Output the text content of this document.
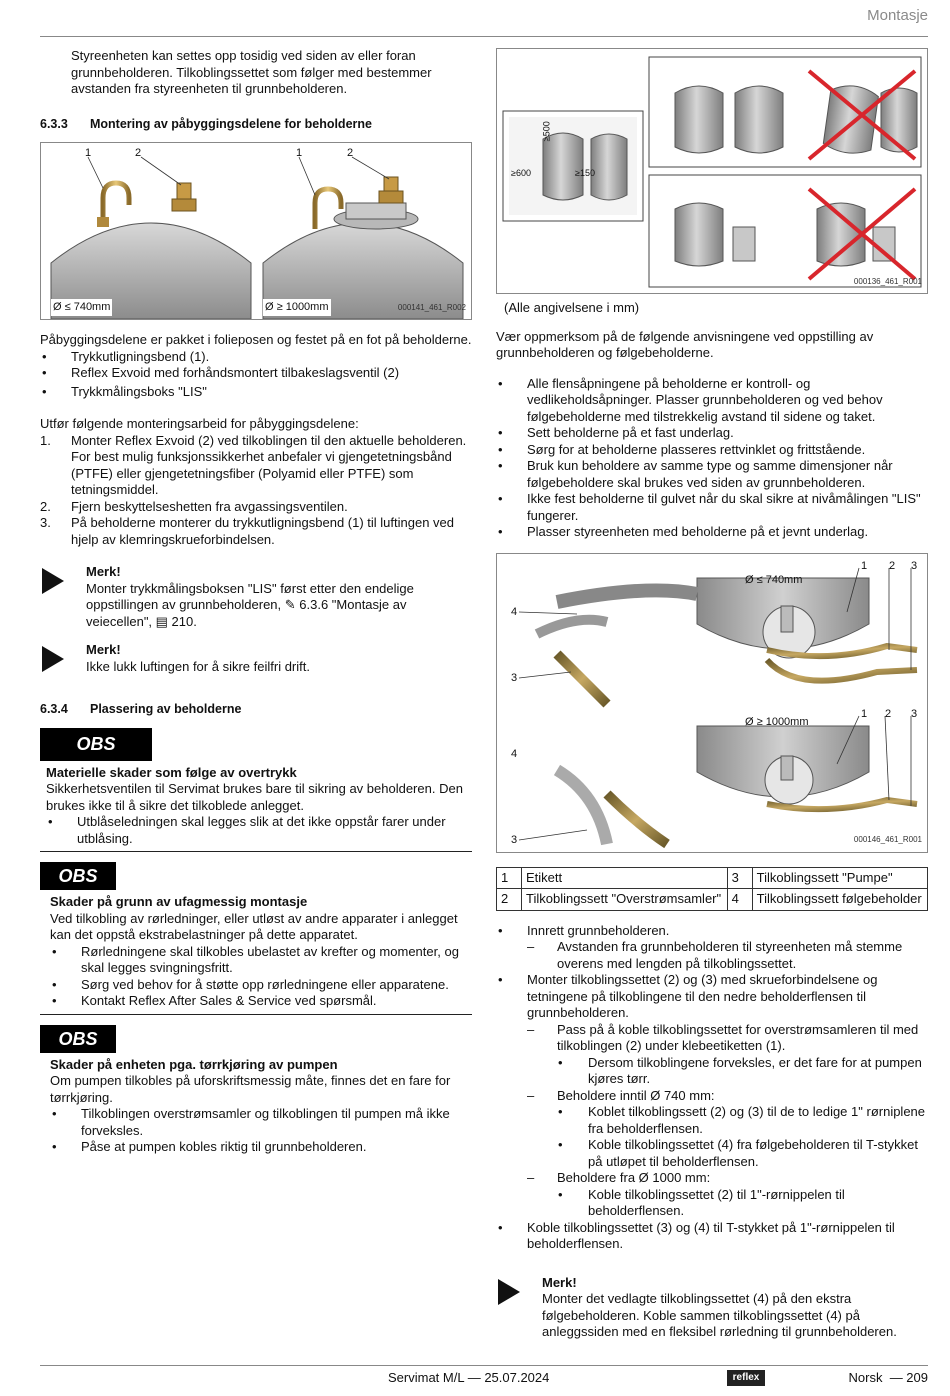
Montasje

Styreenheten kan settes opp tosidig ved siden av eller foran grunnbeholderen. Tilkoblingssettet som følger med bestemmer avstanden fra styreenheten til grunnbeholderen.

6.3.3 Montering av påbyggingsdelene for beholderne

1	2	1	2
Ø ≤ 740mm	Ø ≥ 1000mm	000141_461_R002

Påbyggingsdelene er pakket i folieposen og festet på en fot på beholderne.

• Trykkutligningsbend (1).
• Reflex Exvoid med forhåndsmontert tilbakeslagsventil (2)
• Trykkmålingsboks "LIS"

Utfør følgende monteringsarbeid for påbyggingsdelene:

1. Monter Reflex Exvoid (2) ved tilkoblingen til den aktuelle beholderen.
For best mulig funksjonssikkerhet anbefaler vi gjengetetningsbånd (PTFE) eller gjengetetningsfiber (Polyamid eller PTFE) som tetningsmiddel.
2. Fjern beskyttelseshetten fra avgassingsventilen.
3. På beholderne monterer du trykkutligningsbend (1) til luftingen ved hjelp av klemringskrueforbindelsen.

Merk!

Monter trykkmålingsboksen "LIS" først etter den endelige oppstillingen av grunnbeholderen, ✎ 6.3.6 "Montasje av veiecellen", ▤ 210.

Merk!

Ikke lukk luftingen for å sikre feilfri drift.

6.3.4 Plassering av beholderne

OBS

Materielle skader som følge av overtrykk

Sikkerhetsventilen til Servimat brukes bare til sikring av beholderen. Den brukes ikke til å sikre det tilkoblede anlegget.

• Utblåseledningen skal legges slik at det ikke oppstår farer under utblåsing.
OBS

Skader på grunn av ufagmessig montasje

Ved tilkobling av rørledninger, eller utløst av andre apparater i anlegget kan det oppstå ekstrabelastninger på dette apparatet.

• Rørledningene skal tilkobles ubelastet av krefter og momenter, og skal legges svingningsfritt.
• Sørg ved behov for å støtte opp rørledningene eller apparatene.
• Kontakt Reflex After Sales & Service ved spørsmål.
OBS

Skader på enheten pga. tørrkjøring av pumpen

Om pumpen tilkobles på uforskriftsmessig måte, finnes det en fare for tørrkjøring.

• Tilkoblingen overstrømsamler og tilkoblingen til pumpen må ikke forveksles.
• Påse at pumpen kobles riktig til grunnbeholderen.
≥500
≥600	≥150
000136_461_R001

(Alle angivelsene i mm)

Vær oppmerksom på de følgende anvisningene ved oppstilling av grunnbeholderen og følgebeholderne.

• Alle flensåpningene på beholderne er kontroll- og vedlikeholdsåpninger. Plasser grunnbeholderen og ved behov følgebeholderne med tilstrekkelig avstand til sidene og taket.
• Sett beholderne på et fast underlag.
• Sørg for at beholderne plasseres rettvinklet og frittstående.
• Bruk kun beholdere av samme type og samme dimensjoner når følgebeholdere skal brukes ved siden av grunnbeholderen.
• Ikke fest beholderne til gulvet når du skal sikre at nivåmålingen "LIS" fungerer.
• Plasser styreenheten med beholderne på et jevnt underlag.
Ø ≤ 740mm
Ø ≥ 1000mm
1 2 3
4
3
1 2 3
4
3	000146_461_R001
1	Etikett	3	Tilkoblingssett "Pumpe"
2	Tilkoblingssett "Overstrømsamler"	4	Tilkoblingssett følgebeholder
• Innrett grunnbeholderen.
– Avstanden fra grunnbeholderen til styreenheten må stemme overens med lengden på tilkoblingssettet.
• Monter tilkoblingssettet (2) og (3) med skrueforbindelsene og tetningene på tilkoblingene til den nedre beholderflensen til grunnbeholderen.
– Pass på å koble tilkoblingssettet for overstrømsamleren til med tilkoblingen (2) under klebeetiketten (1).
• Dersom tilkoblingene forveksles, er det fare for at pumpen kjøres tørr.
– Beholdere inntil Ø 740 mm:
• Koblet tilkoblingssett (2) og (3) til de to ledige 1" rørniplene fra beholderflensen.
• Koble tilkoblingssettet (4) fra følgebeholderen til T-stykket på utløpet til beholderflensen.
– Beholdere fra Ø 1000 mm:
• Koble tilkoblingssettet (2) til 1"-rørnippelen til beholderflensen.
• Koble tilkoblingssettet (3) og (4) til T-stykket på 1"-rørnippelen til beholderflensen.

Merk!

Monter det vedlagte tilkoblingssettet (4) på den ekstra følgebeholderen. Koble sammen tilkoblingssettet (4) på anleggssiden med en fleksibel rørledning til grunnbeholderen.

Servimat M/L — 25.07.2024	reflex	Norsk — 209
